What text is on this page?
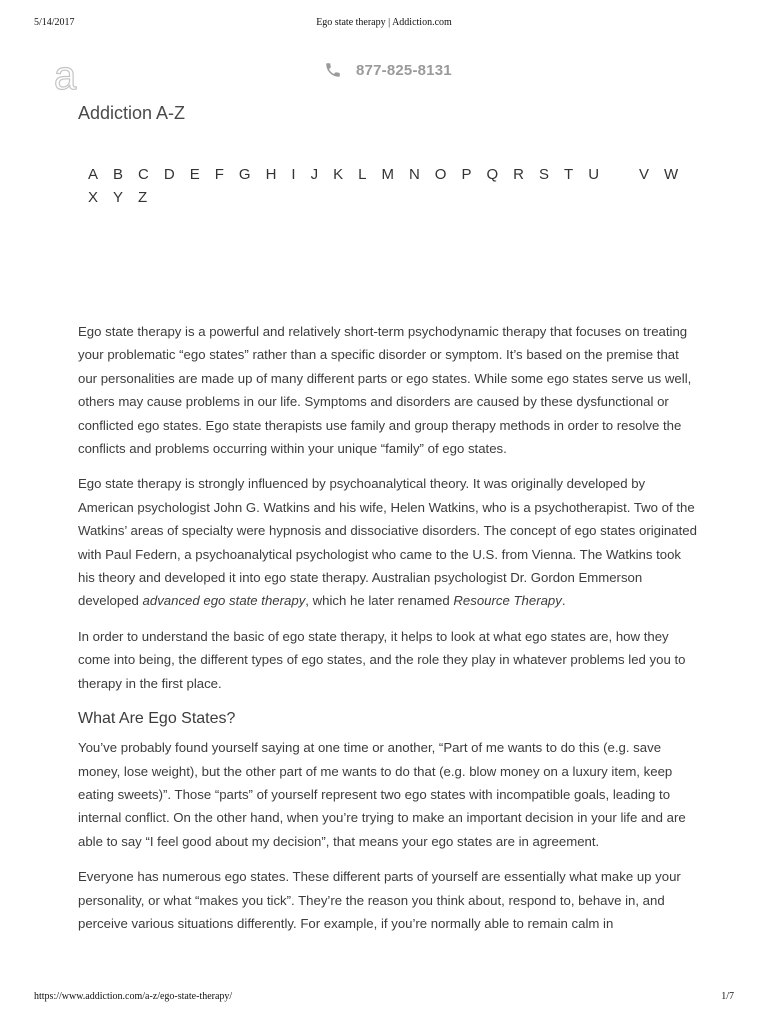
5/14/2017	Ego state therapy | Addiction.com
a	877-825-8131
Addiction A-Z
A B C D E F G H I J K L M N O P Q R S T U	V W
X Y Z

Ego state therapy is a powerful and relatively short-term psychodynamic therapy that focuses on treating your problematic “ego states” rather than a specific disorder or symptom. It’s based on the premise that our personalities are made up of many different parts or ego states. While some ego states serve us well, others may cause problems in our life. Symptoms and disorders are caused by these dysfunctional or conflicted ego states. Ego state therapists use family and group therapy methods in order to resolve the conflicts and problems occurring within your unique “family” of ego states.

Ego state therapy is strongly influenced by psychoanalytical theory. It was originally developed by American psychologist John G. Watkins and his wife, Helen Watkins, who is a psychotherapist. Two of the Watkins’ areas of specialty were hypnosis and dissociative disorders. The concept of ego states originated with Paul Federn, a psychoanalytical psychologist who came to the U.S. from Vienna. The Watkins took his theory and developed it into ego state therapy. Australian psychologist Dr. Gordon Emmerson developed advanced ego state therapy, which he later renamed Resource Therapy.

In order to understand the basic of ego state therapy, it helps to look at what ego states are, how they come into being, the different types of ego states, and the role they play in whatever problems led you to therapy in the first place.

What Are Ego States?

You’ve probably found yourself saying at one time or another, “Part of me wants to do this (e.g. save money, lose weight), but the other part of me wants to do that (e.g. blow money on a luxury item, keep eating sweets)”. Those “parts” of yourself represent two ego states with incompatible goals, leading to internal conflict. On the other hand, when you’re trying to make an important decision in your life and are able to say “I feel good about my decision”, that means your ego states are in agreement.

Everyone has numerous ego states. These different parts of yourself are essentially what make up your personality, or what “makes you tick”. They’re the reason you think about, respond to, behave in, and perceive various situations differently. For example, if you’re normally able to remain calm in

https://www.addiction.com/a-z/ego-state-therapy/	1/7
